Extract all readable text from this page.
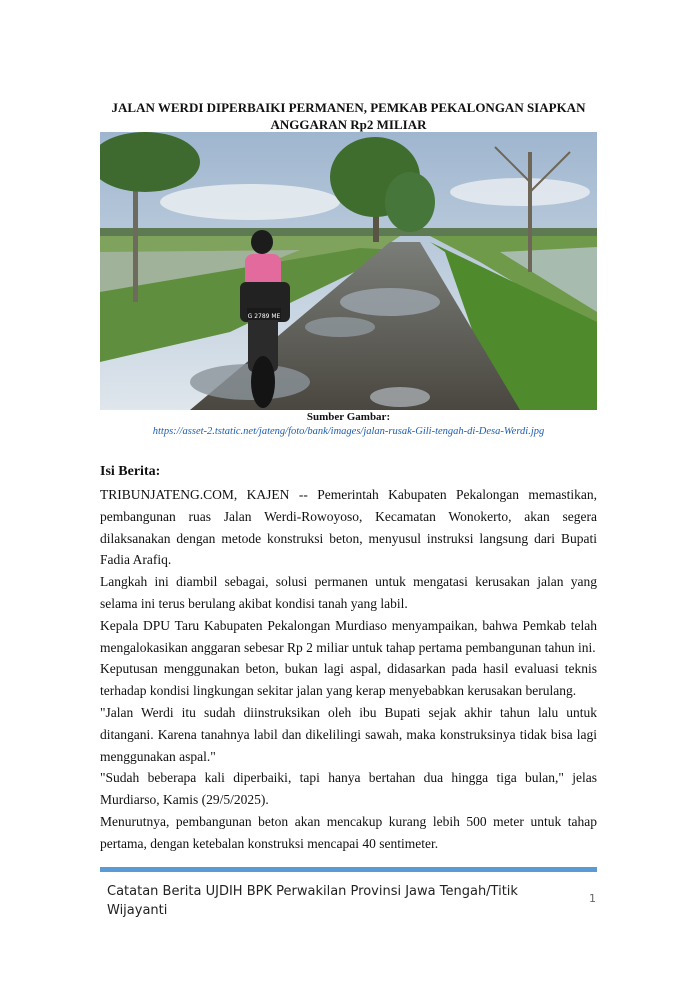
JALAN WERDI DIPERBAIKI PERMANEN, PEMKAB PEKALONGAN SIAPKAN ANGGARAN Rp2 MILIAR
G 2789 ME
Sumber Gambar:
https://asset-2.tstatic.net/jateng/foto/bank/images/jalan-rusak-Gili-tengah-di-Desa-Werdi.jpg
Isi Berita:

TRIBUNJATENG.COM, KAJEN -- Pemerintah Kabupaten Pekalongan memastikan, pembangunan ruas Jalan Werdi-Rowoyoso, Kecamatan Wonokerto, akan segera dilaksanakan dengan metode konstruksi beton, menyusul instruksi langsung dari Bupati Fadia Arafiq.

Langkah ini diambil sebagai, solusi permanen untuk mengatasi kerusakan jalan yang selama ini terus berulang akibat kondisi tanah yang labil.

Kepala DPU Taru Kabupaten Pekalongan Murdiaso menyampaikan, bahwa Pemkab telah mengalokasikan anggaran sebesar Rp 2 miliar untuk tahap pertama pembangunan tahun ini.

Keputusan menggunakan beton, bukan lagi aspal, didasarkan pada hasil evaluasi teknis terhadap kondisi lingkungan sekitar jalan yang kerap menyebabkan kerusakan berulang.

"Jalan Werdi itu sudah diinstruksikan oleh ibu Bupati sejak akhir tahun lalu untuk ditangani. Karena tanahnya labil dan dikelilingi sawah, maka konstruksinya tidak bisa lagi menggunakan aspal."

"Sudah beberapa kali diperbaiki, tapi hanya bertahan dua hingga tiga bulan," jelas Murdiarso, Kamis (29/5/2025).

Menurutnya, pembangunan beton akan mencakup kurang lebih 500 meter untuk tahap pertama, dengan ketebalan konstruksi mencapai 40 sentimeter.

Catatan Berita UJDIH BPK Perwakilan Provinsi Jawa Tengah/Titik Wijayanti
1
